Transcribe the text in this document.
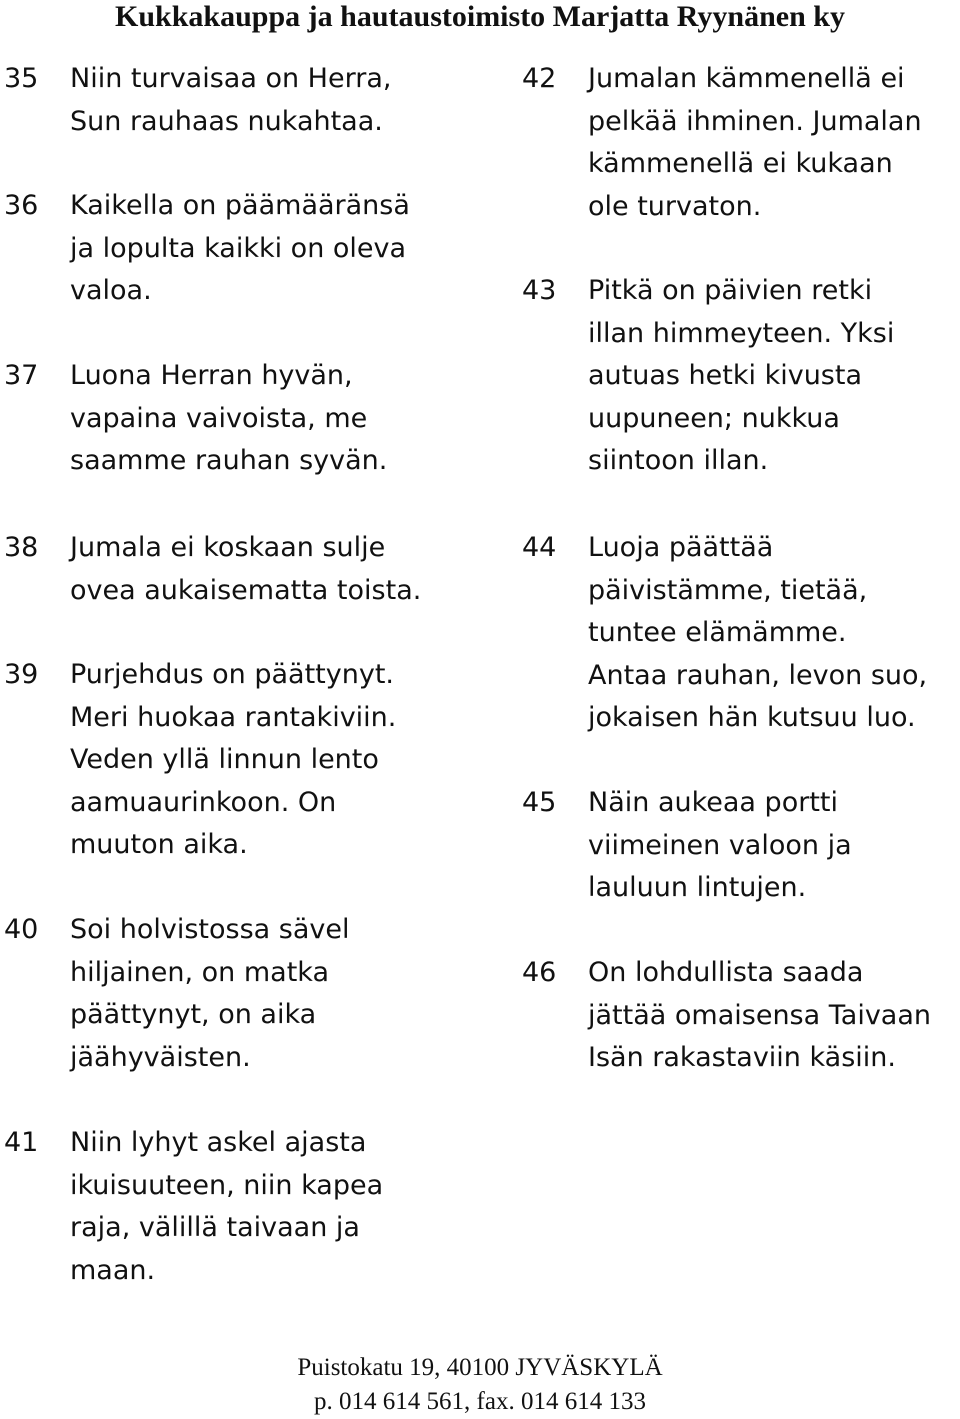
Kukkakauppa ja hautaustoimisto Marjatta Ryynänen ky
35	Niin turvaisaa on Herra,
Sun rauhaas nukahtaa.
36	Kaikella on päämääränsä
ja lopulta kaikki on oleva
valoa.
37	Luona Herran hyvän,
vapaina vaivoista, me
saamme rauhan syvän.
38	Jumala ei koskaan sulje
ovea aukaisematta toista.
39	Purjehdus on päättynyt.
Meri huokaa rantakiviin.
Veden yllä linnun lento
aamuaurinkoon. On
muuton aika.
40	Soi holvistossa sävel
hiljainen, on matka
päättynyt, on aika
jäähyväisten.
41	Niin lyhyt askel ajasta
ikuisuuteen, niin kapea
raja, välillä taivaan ja
maan.
42	Jumalan kämmenellä ei
pelkää ihminen. Jumalan
kämmenellä ei kukaan
ole turvaton.
43	Pitkä on päivien retki
illan himmeyteen. Yksi
autuas hetki kivusta
uupuneen; nukkua
siintoon illan.
44	Luoja päättää
päivistämme, tietää,
tuntee elämämme.
Antaa rauhan, levon suo,
jokaisen hän kutsuu luo.
45	Näin aukeaa portti
viimeinen valoon ja
lauluun lintujen.
46	On lohdullista saada
jättää omaisensa Taivaan
Isän rakastaviin käsiin.
Puistokatu 19, 40100 JYVÄSKYLÄ
p. 014 614 561, fax. 014 614 133
